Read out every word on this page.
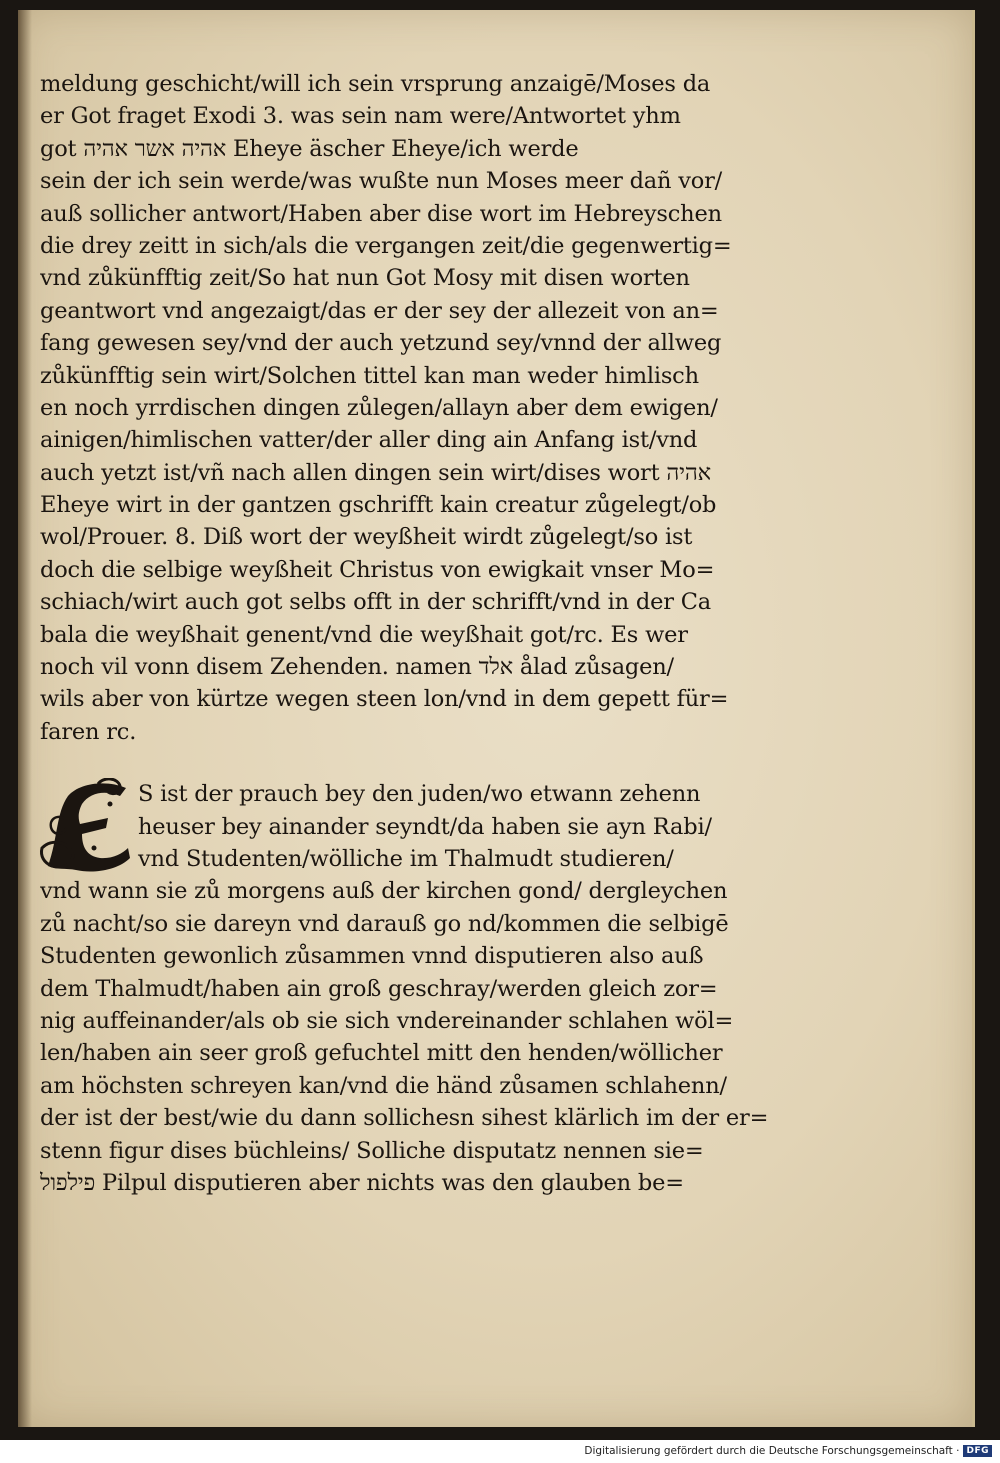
meldung geschicht/will ich sein vrsprung anzaigē/Moses da
er Got fraget Exodi 3. was sein nam were/Antwortet yhm
got אהיה אשר אהיה Eheye äscher Eheye/ich werde
sein der ich sein werde/was wußte nun Moses meer dañ vor/
auß sollicher antwort/Haben aber dise wort im Hebreyschen
die drey zeitt in sich/als die vergangen zeit/die gegenwertig=
vnd zůkünfftig zeit/So hat nun Got Mosy mit disen worten
geantwort vnd angezaigt/das er der sey der allezeit von an=
fang gewesen sey/vnd der auch yetzund sey/vnnd der allweg
zůkünfftig sein wirt/Solchen tittel kan man weder himlisch
en noch yrrdischen dingen zůlegen/allayn aber dem ewigen/
ainigen/himlischen vatter/der aller ding ain Anfang ist/vnd
auch yetzt ist/vñ nach allen dingen sein wirt/dises wort אהיה
Eheye wirt in der gantzen gschrifft kain creatur zůgelegt/ob
wol/Prouer. 8. Diß wort der weyßheit wirdt zůgelegt/so ist
doch die selbige weyßheit Christus von ewigkait vnser Mo=
schiach/wirt auch got selbs offt in der schrifft/vnd in der Ca
bala die weyßhait genent/vnd die weyßhait got/rc. Es wer
noch vil vonn disem Zehenden. namen אלד ålad zůsagen/
wils aber von kürtze wegen steen lon/vnd in dem gepett für=
faren rc.
S ist der prauch bey den juden/wo etwann zehenn
heuser bey ainander seyndt/da haben sie ayn Rabi/
vnd Studenten/wölliche im Thalmudt studieren/
vnd wann sie zů morgens auß der kirchen gond/ dergleychen
zů nacht/so sie dareyn vnd darauß go nd/kommen die selbigē
Studenten gewonlich zůsammen vnnd disputieren also auß
dem Thalmudt/haben ain groß geschray/werden gleich zor=
nig auffeinander/als ob sie sich vndereinander schlahen wöl=
len/haben ain seer groß gefuchtel mitt den henden/wöllicher
am höchsten schreyen kan/vnd die händ zůsamen schlahenn/
der ist der best/wie du dann sollichesn sihest klärlich im der er=
stenn figur dises büchleins/ Solliche disputatz nennen sie=
פילפול Pilpul disputieren aber nichts was den glauben be=
Digitalisierung gefördert durch die Deutsche Forschungsgemeinschaft · DFG
